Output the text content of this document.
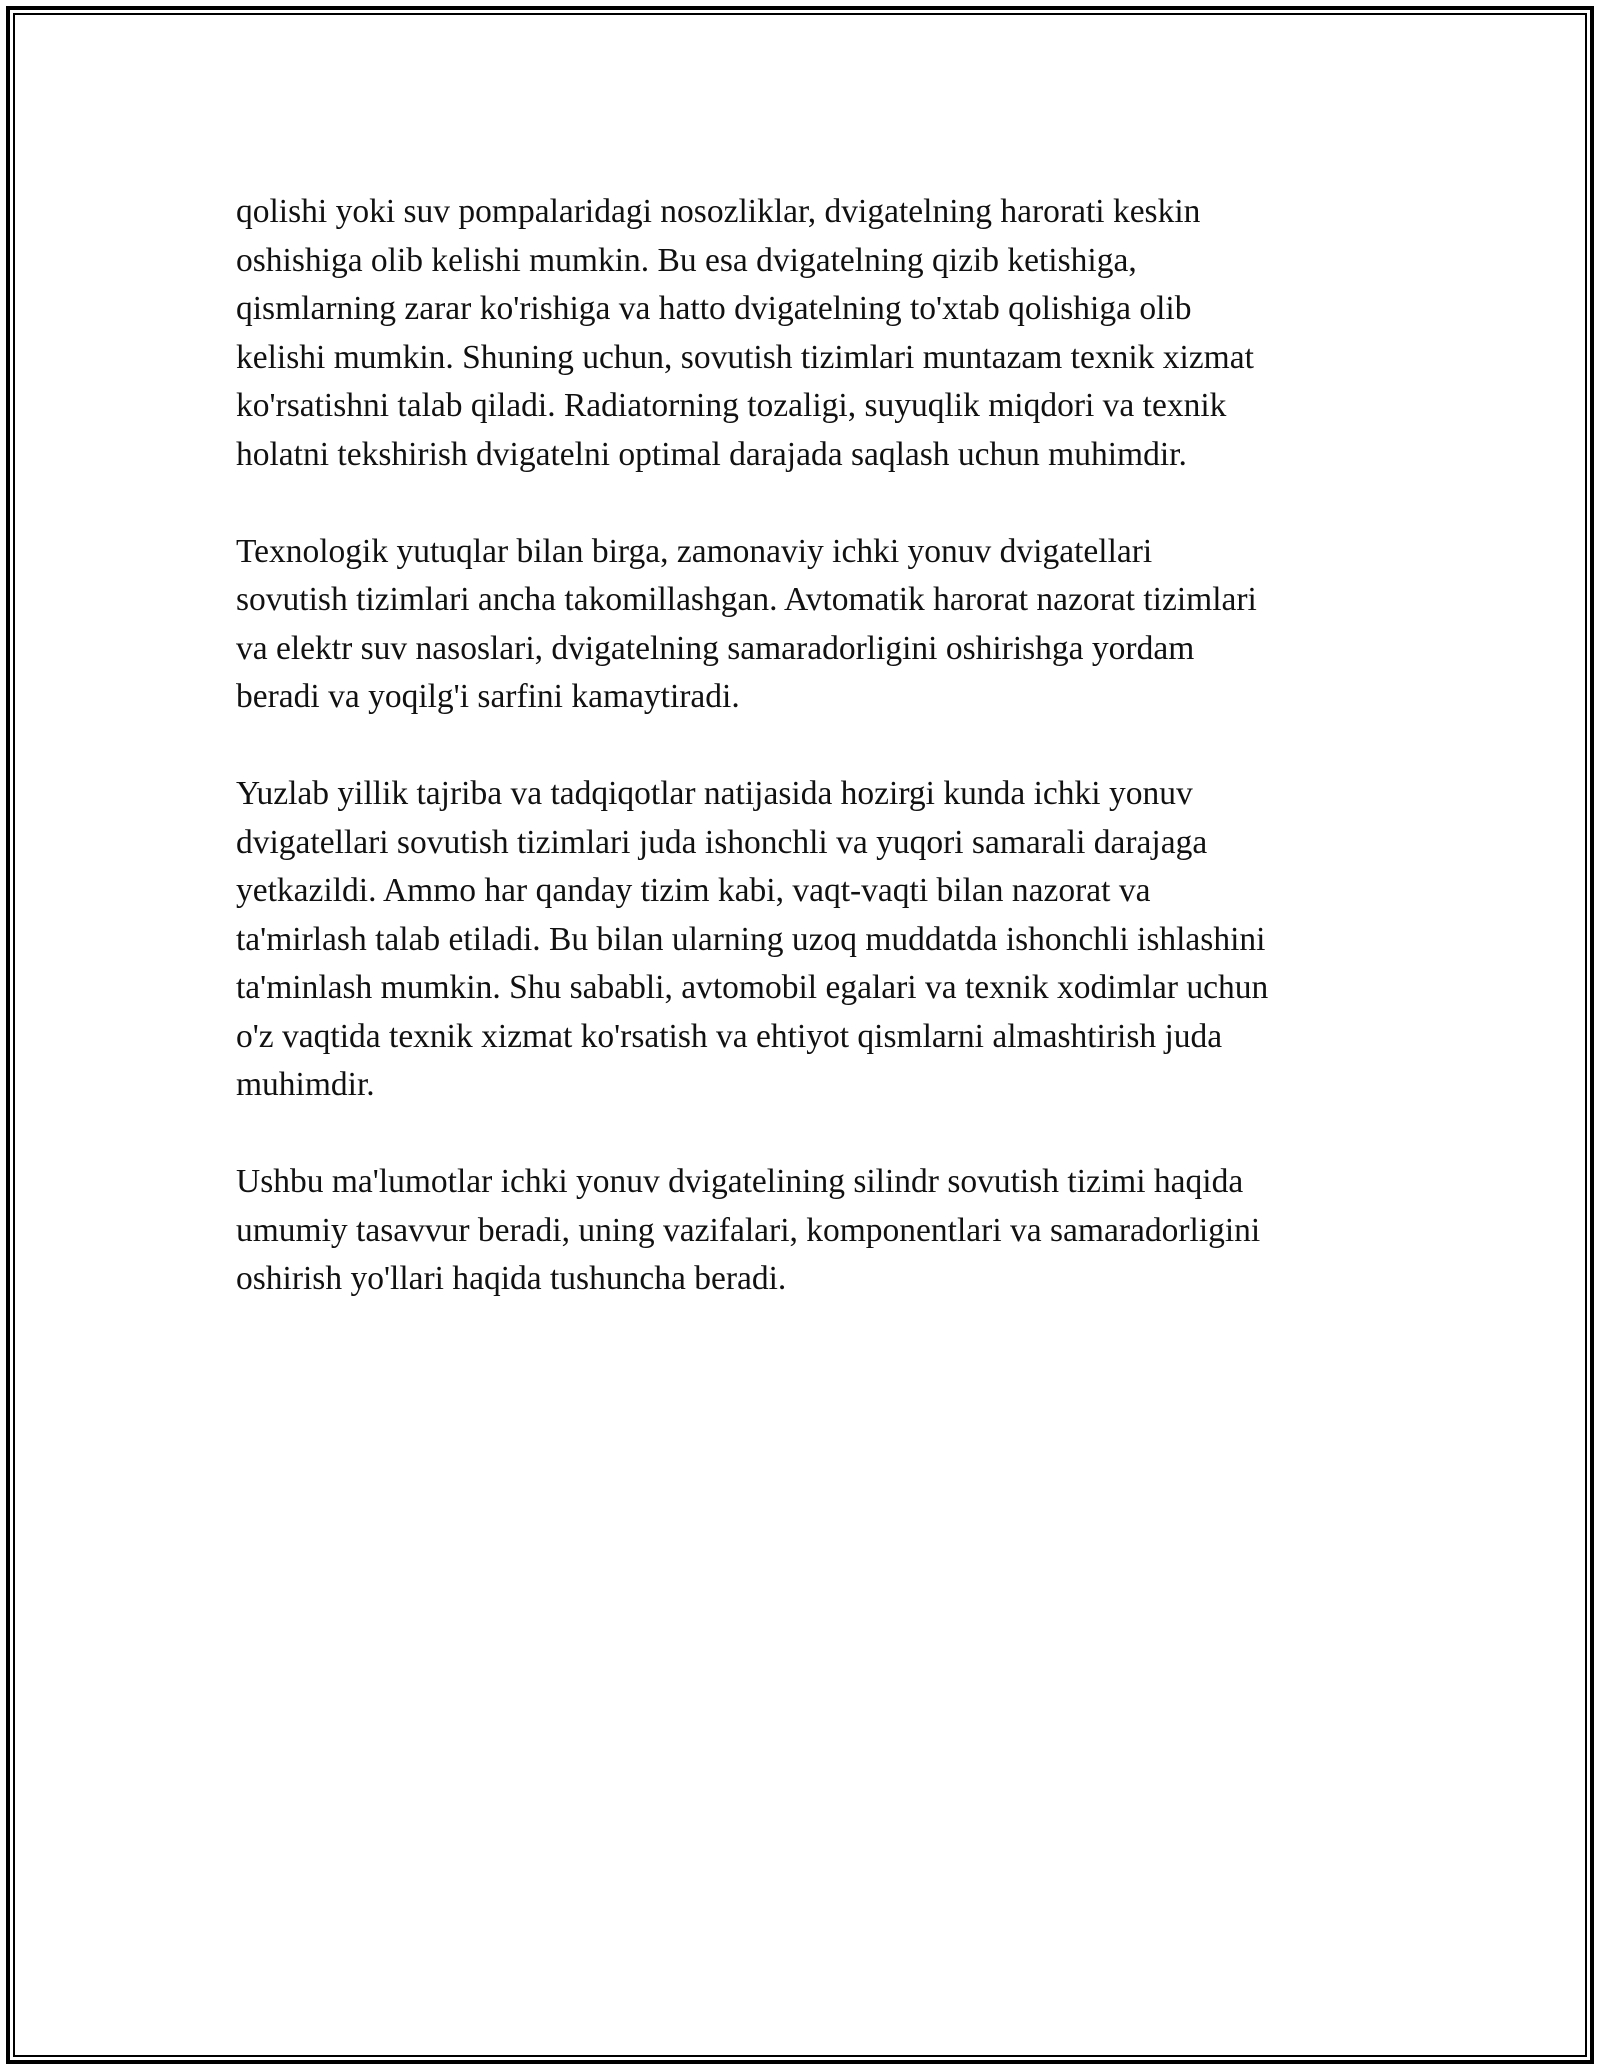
qolishi yoki suv pompalaridagi nosozliklar, dvigatelning harorati keskin
oshishiga olib kelishi mumkin. Bu esa dvigatelning qizib ketishiga,
qismlarning zarar ko'rishiga va hatto dvigatelning to'xtab qolishiga olib
kelishi mumkin. Shuning uchun, sovutish tizimlari muntazam texnik xizmat
ko'rsatishni talab qiladi. Radiatorning tozaligi, suyuqlik miqdori va texnik
holatni tekshirish dvigatelni optimal darajada saqlash uchun muhimdir.

Texnologik yutuqlar bilan birga, zamonaviy ichki yonuv dvigatellari
sovutish tizimlari ancha takomillashgan. Avtomatik harorat nazorat tizimlari
va elektr suv nasoslari, dvigatelning samaradorligini oshirishga yordam
beradi va yoqilg'i sarfini kamaytiradi.

Yuzlab yillik tajriba va tadqiqotlar natijasida hozirgi kunda ichki yonuv
dvigatellari sovutish tizimlari juda ishonchli va yuqori samarali darajaga
yetkazildi. Ammo har qanday tizim kabi, vaqt-vaqti bilan nazorat va
ta'mirlash talab etiladi. Bu bilan ularning uzoq muddatda ishonchli ishlashini
ta'minlash mumkin. Shu sababli, avtomobil egalari va texnik xodimlar uchun
o'z vaqtida texnik xizmat ko'rsatish va ehtiyot qismlarni almashtirish juda
muhimdir.

Ushbu ma'lumotlar ichki yonuv dvigatelining silindr sovutish tizimi haqida
umumiy tasavvur beradi, uning vazifalari, komponentlari va samaradorligini
oshirish yo'llari haqida tushuncha beradi.
